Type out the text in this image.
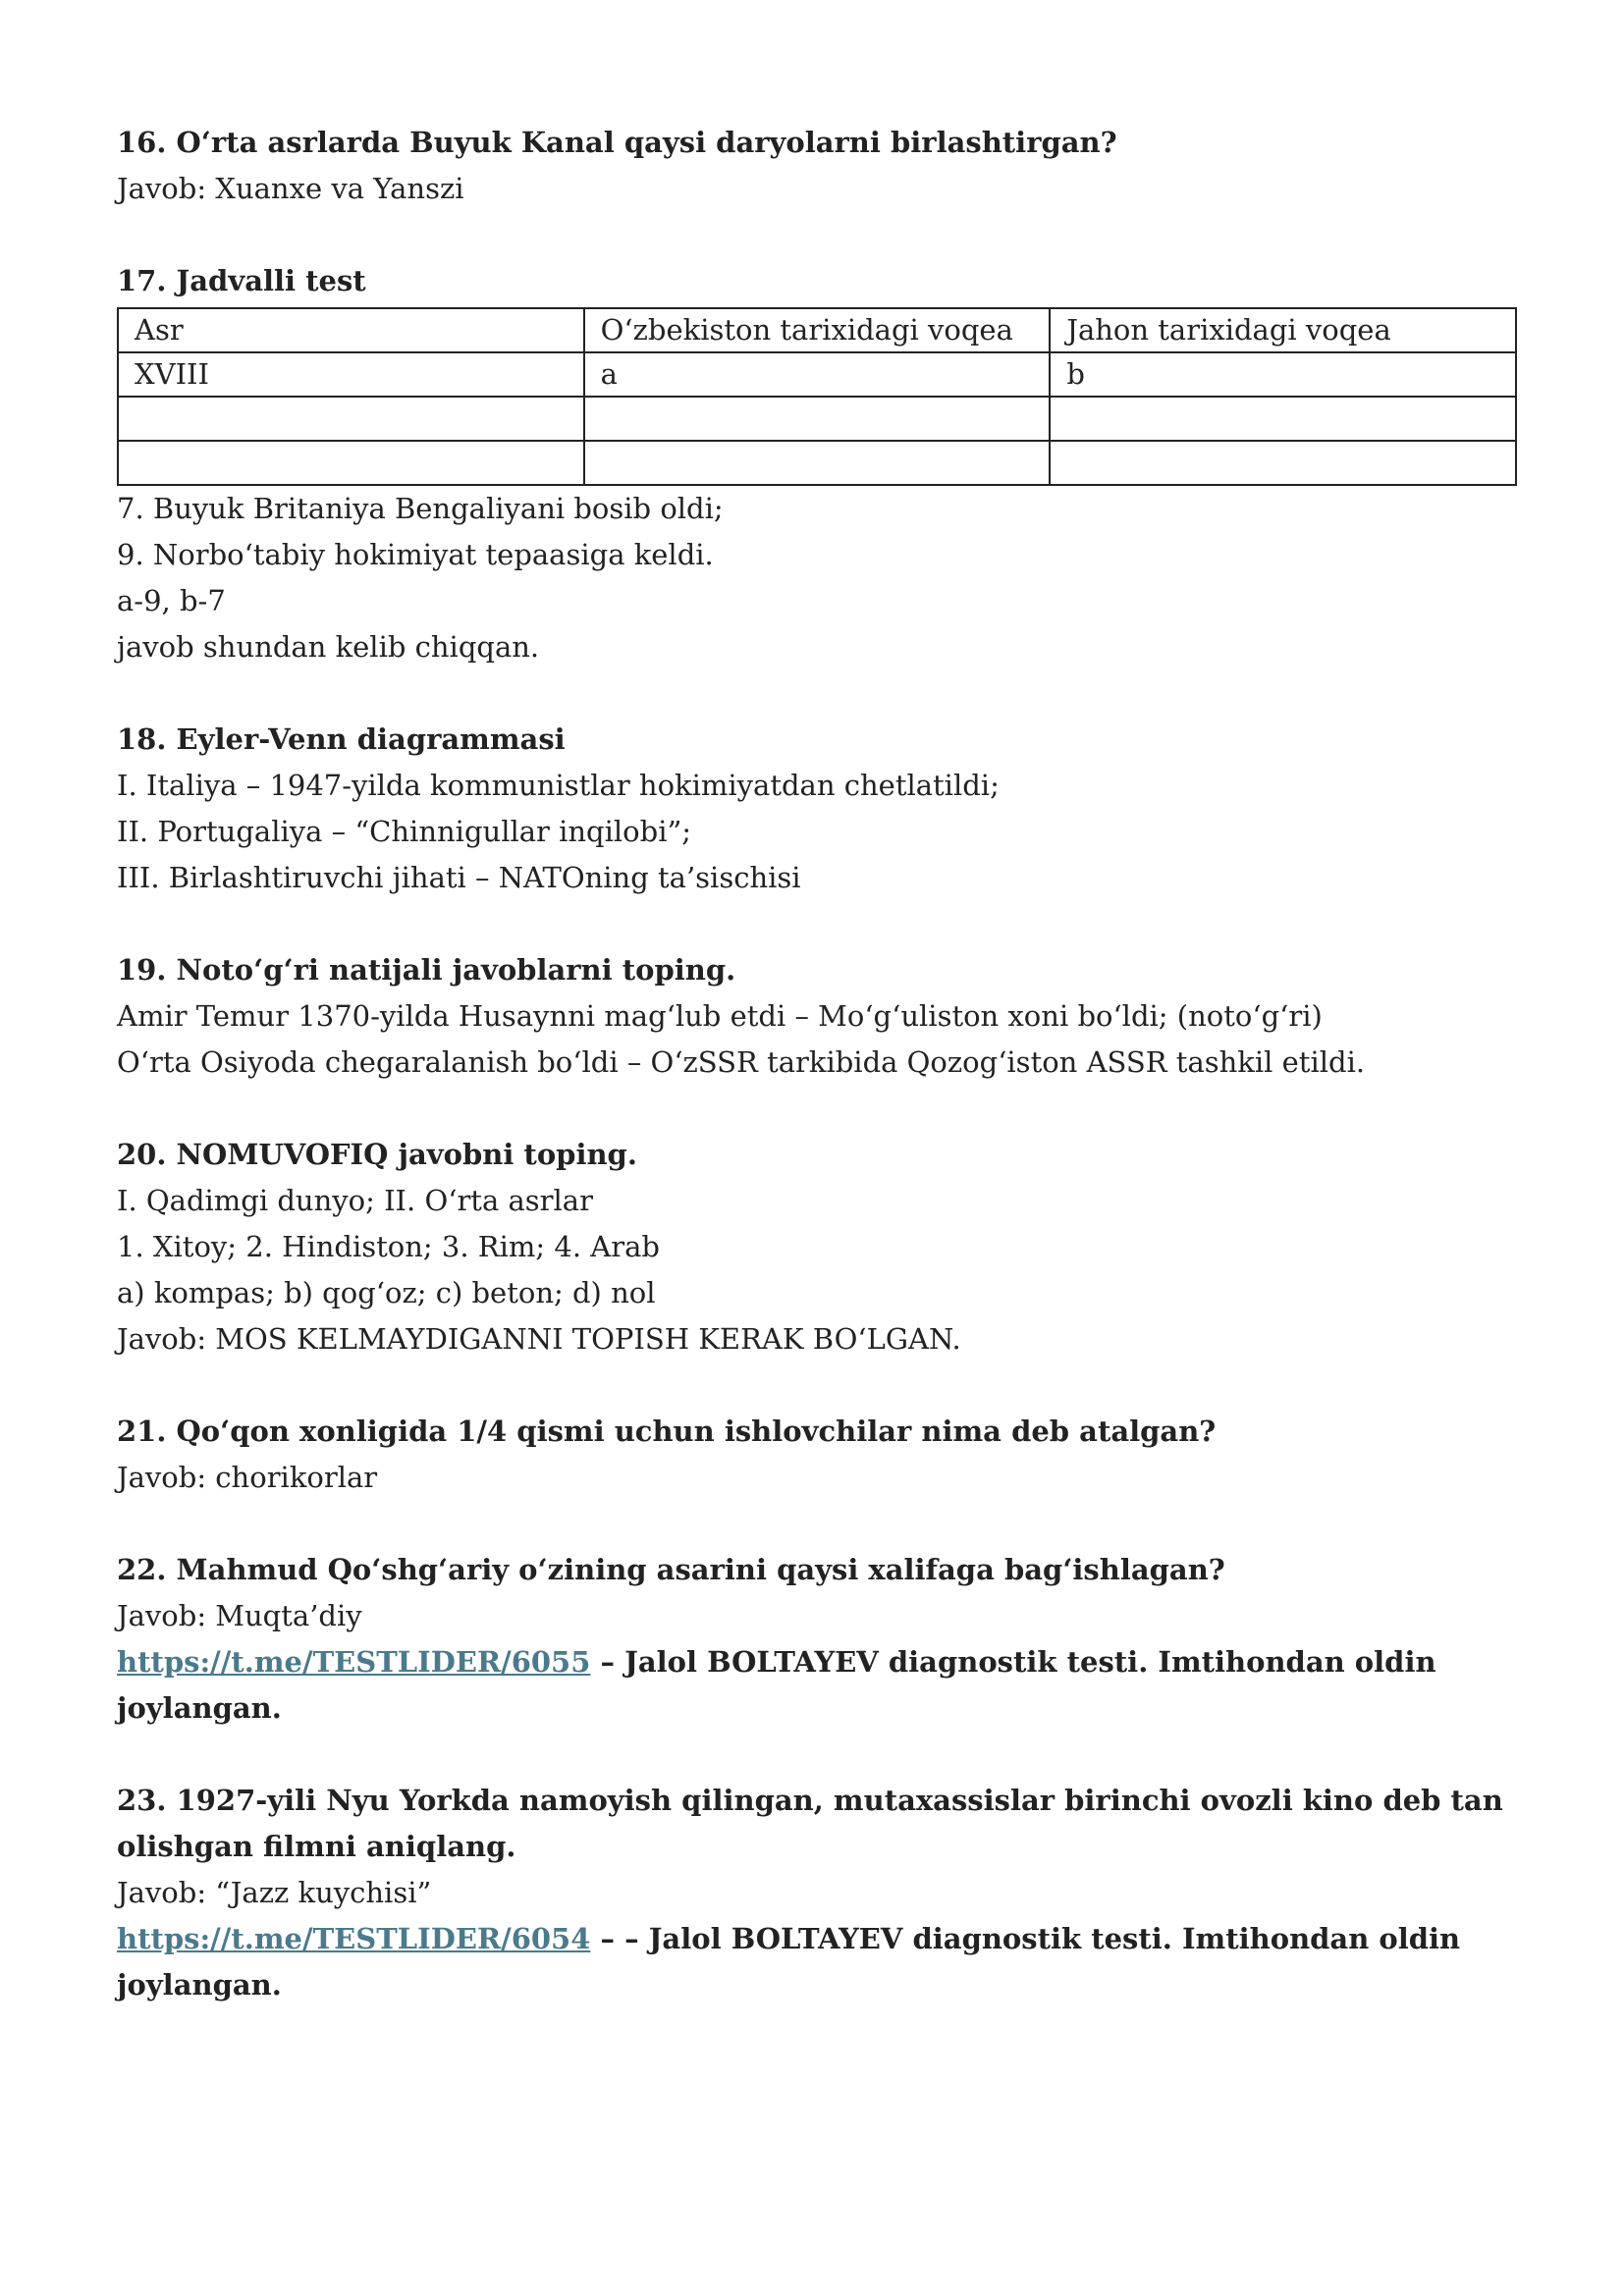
16. O‘rta asrlarda Buyuk Kanal qaysi daryolarni birlashtirgan?
Javob: Xuanxe va Yanszi
17. Jadvalli test
Asr	O‘zbekiston tarixidagi voqea	Jahon tarixidagi voqea
XVIII	a	b

7. Buyuk Britaniya Bengaliyani bosib oldi;
9. Norbo‘tabiy hokimiyat tepaasiga keldi.
a-9, b-7
javob shundan kelib chiqqan.
18. Eyler-Venn diagrammasi
I. Italiya – 1947-yilda kommunistlar hokimiyatdan chetlatildi;
II. Portugaliya – “Chinnigullar inqilobi”;
III. Birlashtiruvchi jihati – NATOning ta’sischisi
19. Noto‘g‘ri natijali javoblarni toping.
Amir Temur 1370-yilda Husaynni mag‘lub etdi – Mo‘g‘uliston xoni bo‘ldi; (noto‘g‘ri)
O‘rta Osiyoda chegaralanish bo‘ldi – O‘zSSR tarkibida Qozog‘iston ASSR tashkil etildi.
20. NOMUVOFIQ javobni toping.
I. Qadimgi dunyo; II. O‘rta asrlar
1. Xitoy; 2. Hindiston; 3. Rim; 4. Arab
a) kompas; b) qog‘oz; c) beton; d) nol
Javob: MOS KELMAYDIGANNI TOPISH KERAK BO‘LGAN.
21. Qo‘qon xonligida 1/4 qismi uchun ishlovchilar nima deb atalgan?
Javob: chorikorlar
22. Mahmud Qo‘shg‘ariy o‘zining asarini qaysi xalifaga bag‘ishlagan?
Javob: Muqta’diy
https://t.me/TESTLIDER/6055 – Jalol BOLTAYEV diagnostik testi. Imtihondan oldin joylangan.
23. 1927-yili Nyu Yorkda namoyish qilingan, mutaxassislar birinchi ovozli kino deb tan olishgan filmni aniqlang.
Javob: “Jazz kuychisi”
https://t.me/TESTLIDER/6054 – – Jalol BOLTAYEV diagnostik testi. Imtihondan oldin joylangan.
